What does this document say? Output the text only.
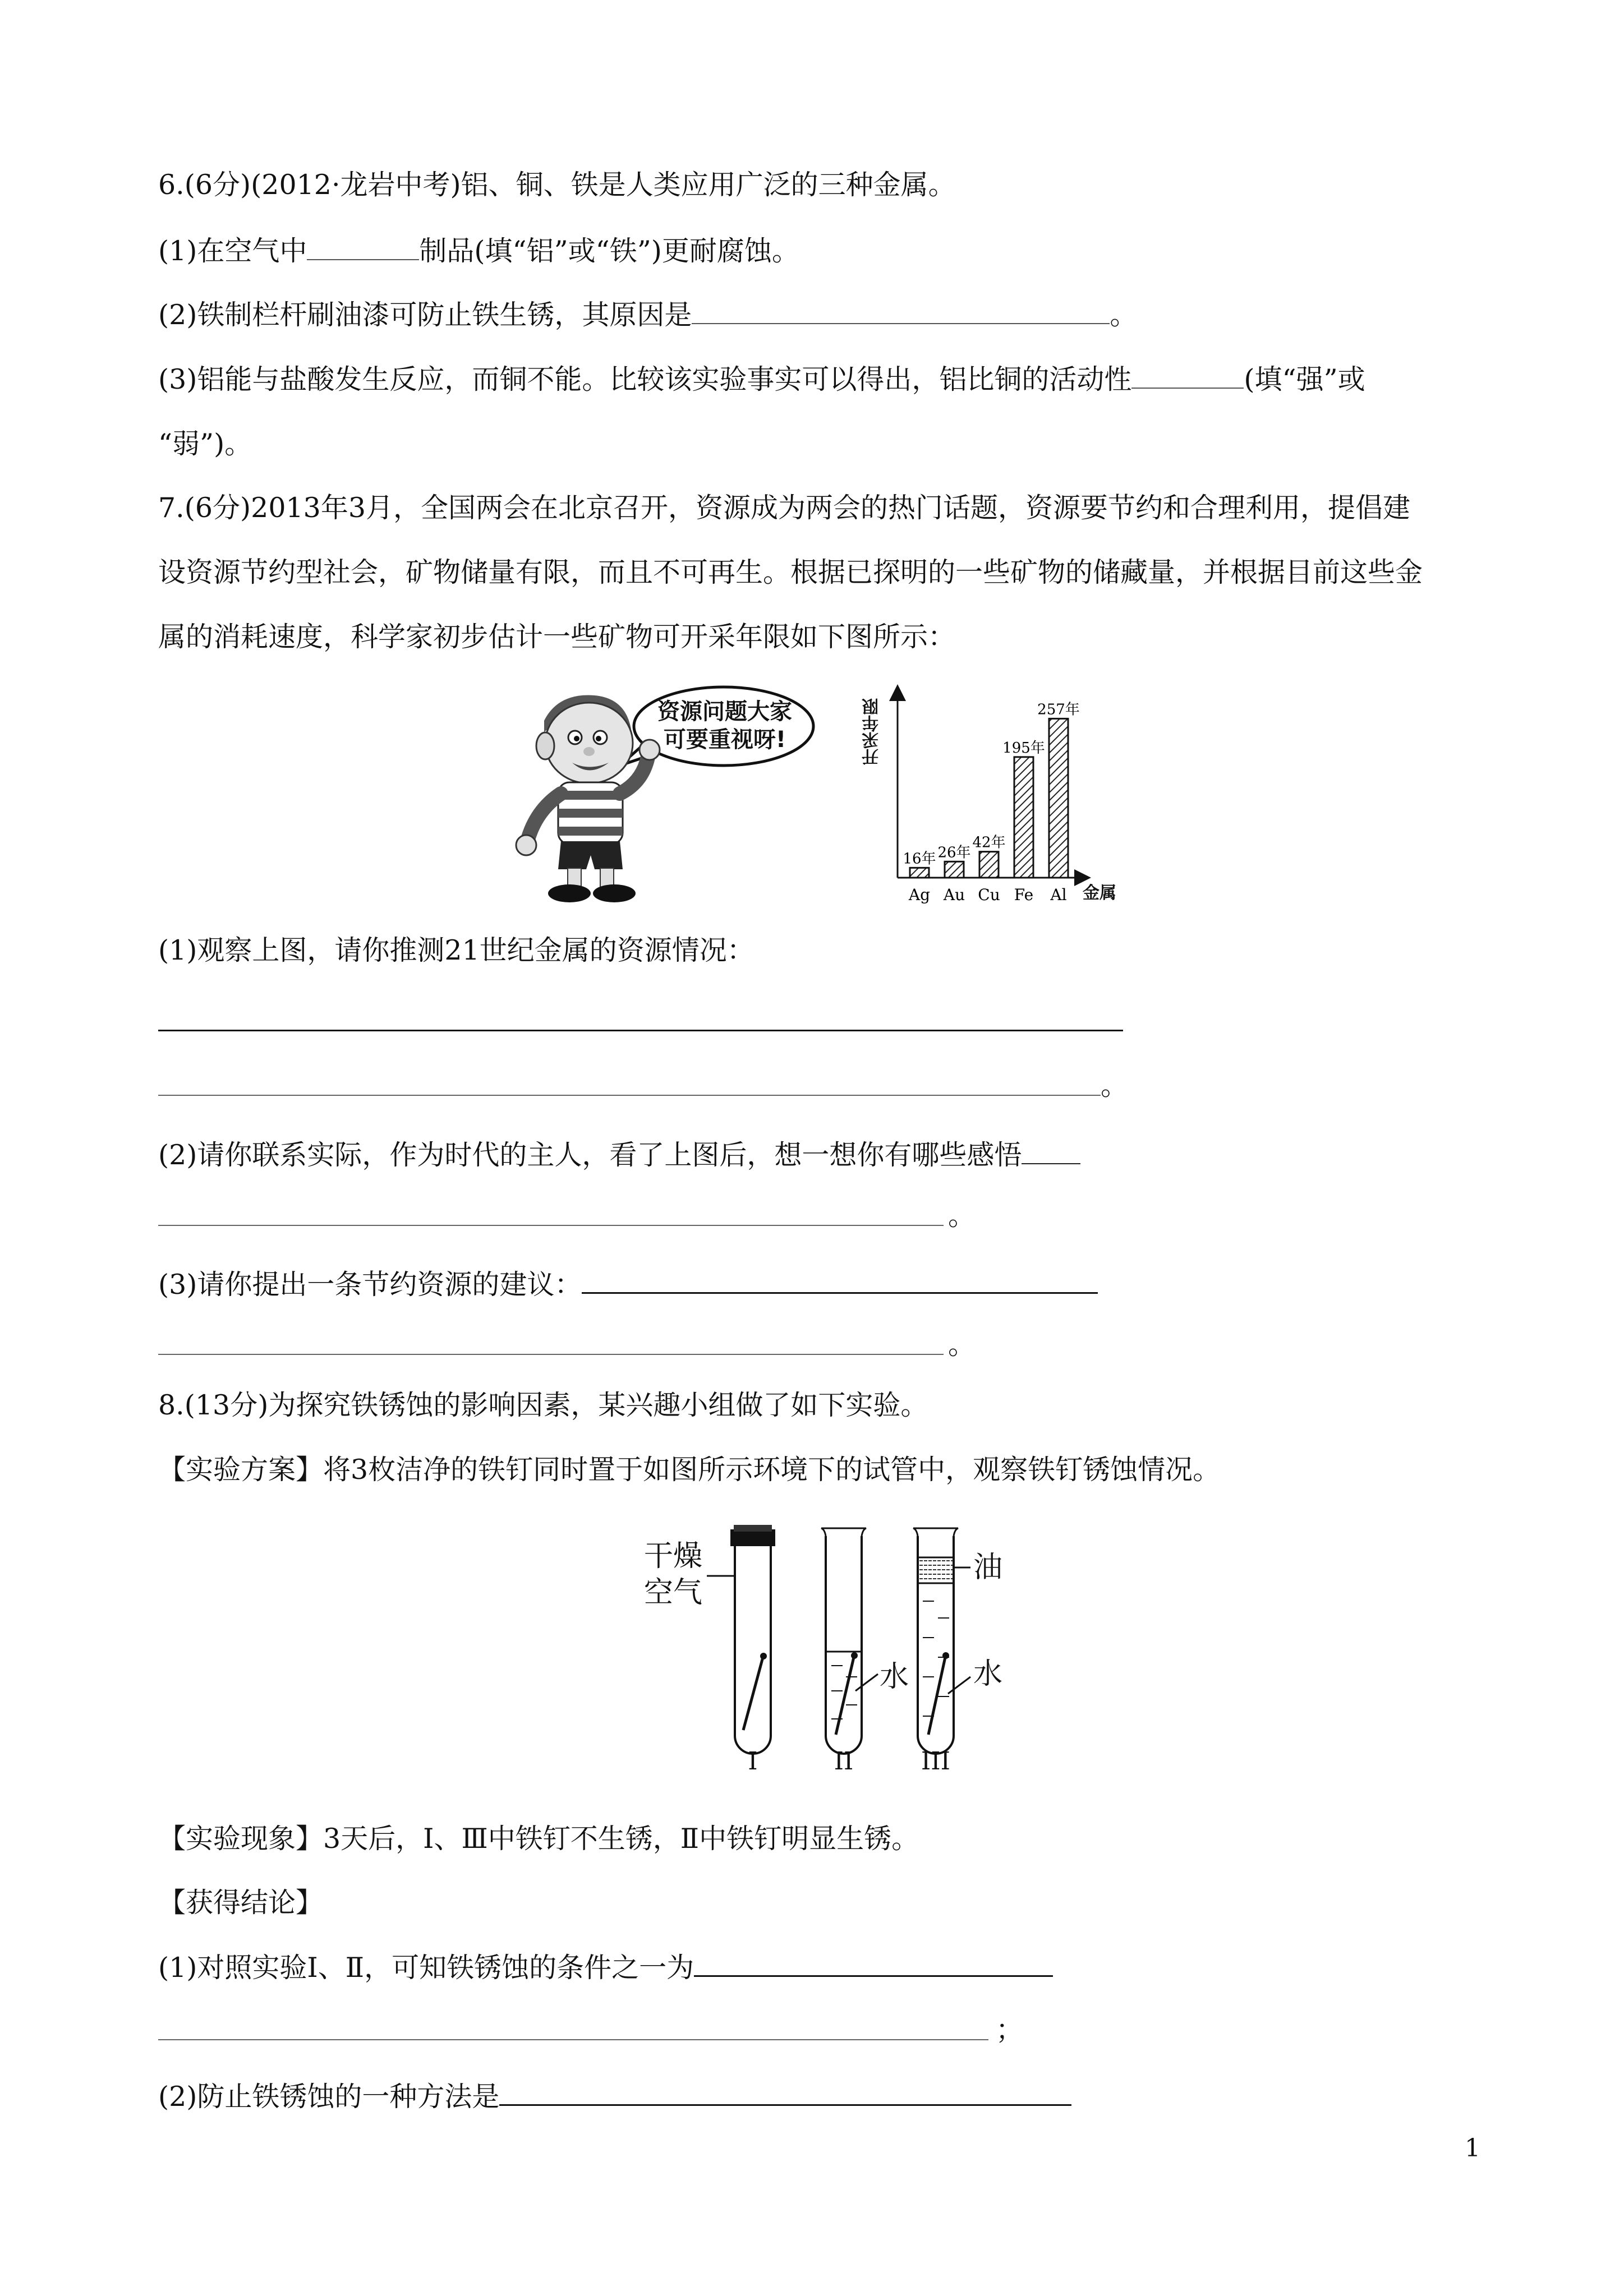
6.(6分)(2012·龙岩中考)铝、铜、铁是人类应用广泛的三种金属。
(1)在空气中	制品(填“铝”或“铁”)更耐腐蚀。
(2)铁制栏杆刷油漆可防止铁生锈，其原因是	。
(3)铝能与盐酸发生反应，而铜不能。比较该实验事实可以得出，铝比铜的活动性	(填“强”或
“弱”)。
7.(6分)2013年3月，全国两会在北京召开，资源成为两会的热门话题，资源要节约和合理利用，提倡建
设资源节约型社会，矿物储量有限，而且不可再生。根据已探明的一些矿物的储藏量，并根据目前这些金
属的消耗速度，科学家初步估计一些矿物可开采年限如下图所示：
资源问题大家
可要重视呀!
16年
Ag
26年
Au
42年
Cu
195年
Fe
257年
Al
开采年限
金属
(1)观察上图，请你推测21世纪金属的资源情况：
。
(2)请你联系实际，作为时代的主人，看了上图后，想一想你有哪些感悟
。
(3)请你提出一条节约资源的建议：
。
8.(13分)为探究铁锈蚀的影响因素，某兴趣小组做了如下实验。
【实验方案】将3枚洁净的铁钉同时置于如图所示环境下的试管中，观察铁钉锈蚀情况。
干燥
空气
油
水 水
I	II	III
【实验现象】3天后，Ⅰ、Ⅲ中铁钉不生锈，Ⅱ中铁钉明显生锈。
【获得结论】
(1)对照实验Ⅰ、Ⅱ，可知铁锈蚀的条件之一为
；
(2)防止铁锈蚀的一种方法是
1
